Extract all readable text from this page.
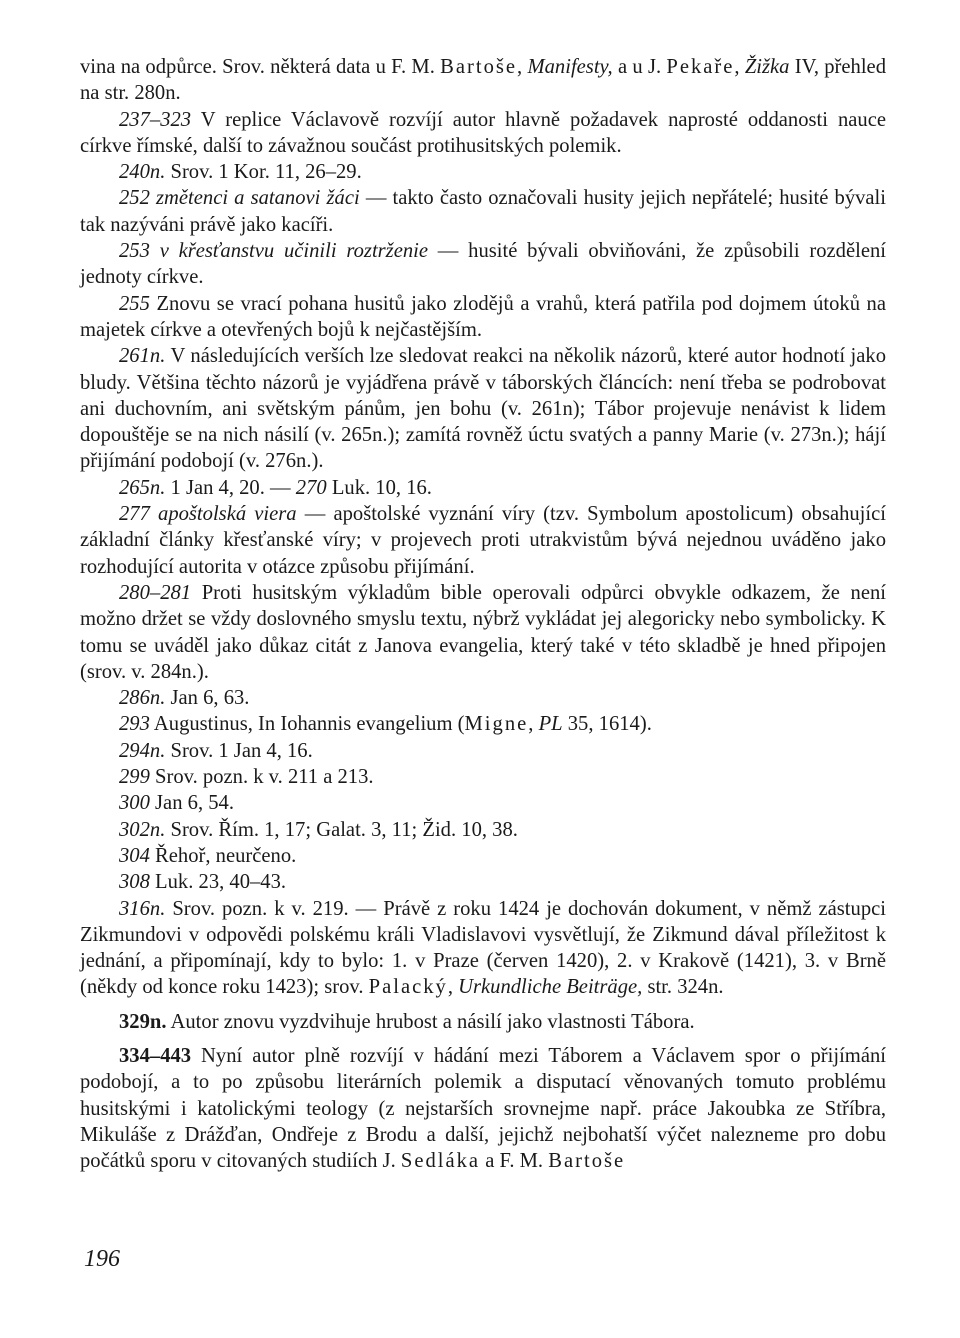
vina na odpůrce. Srov. některá data u F. M. Bartoše, Manifesty, a u J. Pekaře, Žižka IV, přehled na str. 280n.

237–323 V replice Václavově rozvíjí autor hlavně požadavek naprosté oddanosti nauce církve římské, další to závažnou součást protihusitských polemik.

240n. Srov. 1 Kor. 11, 26–29.

252 změtenci a satanovi žáci — takto často označovali husity jejich nepřátelé; husité bývali tak nazýváni právě jako kacíři.

253 v křesťanstvu učinili roztrženie — husité bývali obviňováni, že způsobili rozdělení jednoty církve.

255 Znovu se vrací pohana husitů jako zlodějů a vrahů, která patřila pod dojmem útoků na majetek církve a otevřených bojů k nejčastějším.

261n. V následujících verších lze sledovat reakci na několik názorů, které autor hodnotí jako bludy. Většina těchto názorů je vyjádřena právě v táborských článcích: není třeba se podrobovat ani duchovním, ani světským pánům, jen bohu (v. 261n); Tábor projevuje nenávist k lidem dopouštěje se na nich násilí (v. 265n.); zamítá rovněž úctu svatých a panny Marie (v. 273n.); hájí přijímání podobojí (v. 276n.).

265n. 1 Jan 4, 20. — 270 Luk. 10, 16.

277 apoštolská viera — apoštolské vyznání víry (tzv. Symbolum apostolicum) obsahující základní články křesťanské víry; v projevech proti utrakvistům bývá nejednou uváděno jako rozhodující autorita v otázce způsobu přijímání.

280–281 Proti husitským výkladům bible operovali odpůrci obvykle odkazem, že není možno držet se vždy doslovného smyslu textu, nýbrž vykládat jej alegoricky nebo symbolicky. K tomu se uváděl jako důkaz citát z Janova evangelia, který také v této skladbě je hned připojen (srov. v. 284n.).

286n. Jan 6, 63.

293 Augustinus, In Iohannis evangelium (Migne, PL 35, 1614).

294n. Srov. 1 Jan 4, 16.

299 Srov. pozn. k v. 211 a 213.

300 Jan 6, 54.

302n. Srov. Řím. 1, 17; Galat. 3, 11; Žid. 10, 38.

304 Řehoř, neurčeno.

308 Luk. 23, 40–43.

316n. Srov. pozn. k v. 219. — Právě z roku 1424 je dochován dokument, v němž zástupci Zikmundovi v odpovědi polskému králi Vladislavovi vysvětlují, že Zikmund dával příležitost k jednání, a připomínají, kdy to bylo: 1. v Praze (červen 1420), 2. v Krakově (1421), 3. v Brně (někdy od konce roku 1423); srov. Palacký, Urkundliche Beiträge, str. 324n.

329n. Autor znovu vyzdvihuje hrubost a násilí jako vlastnosti Tábora.

334–443 Nyní autor plně rozvíjí v hádání mezi Táborem a Václavem spor o přijímání podobojí, a to po způsobu literárních polemik a disputací věnovaných tomuto problému husitskými i katolickými teology (z nejstarších srovnejme např. práce Jakoubka ze Stříbra, Mikuláše z Drážďan, Ondřeje z Brodu a další, jejichž nejbohatší výčet nalezneme pro dobu počátků sporu v citovaných studiích J. Sedláka a F. M. Bartoše

196
